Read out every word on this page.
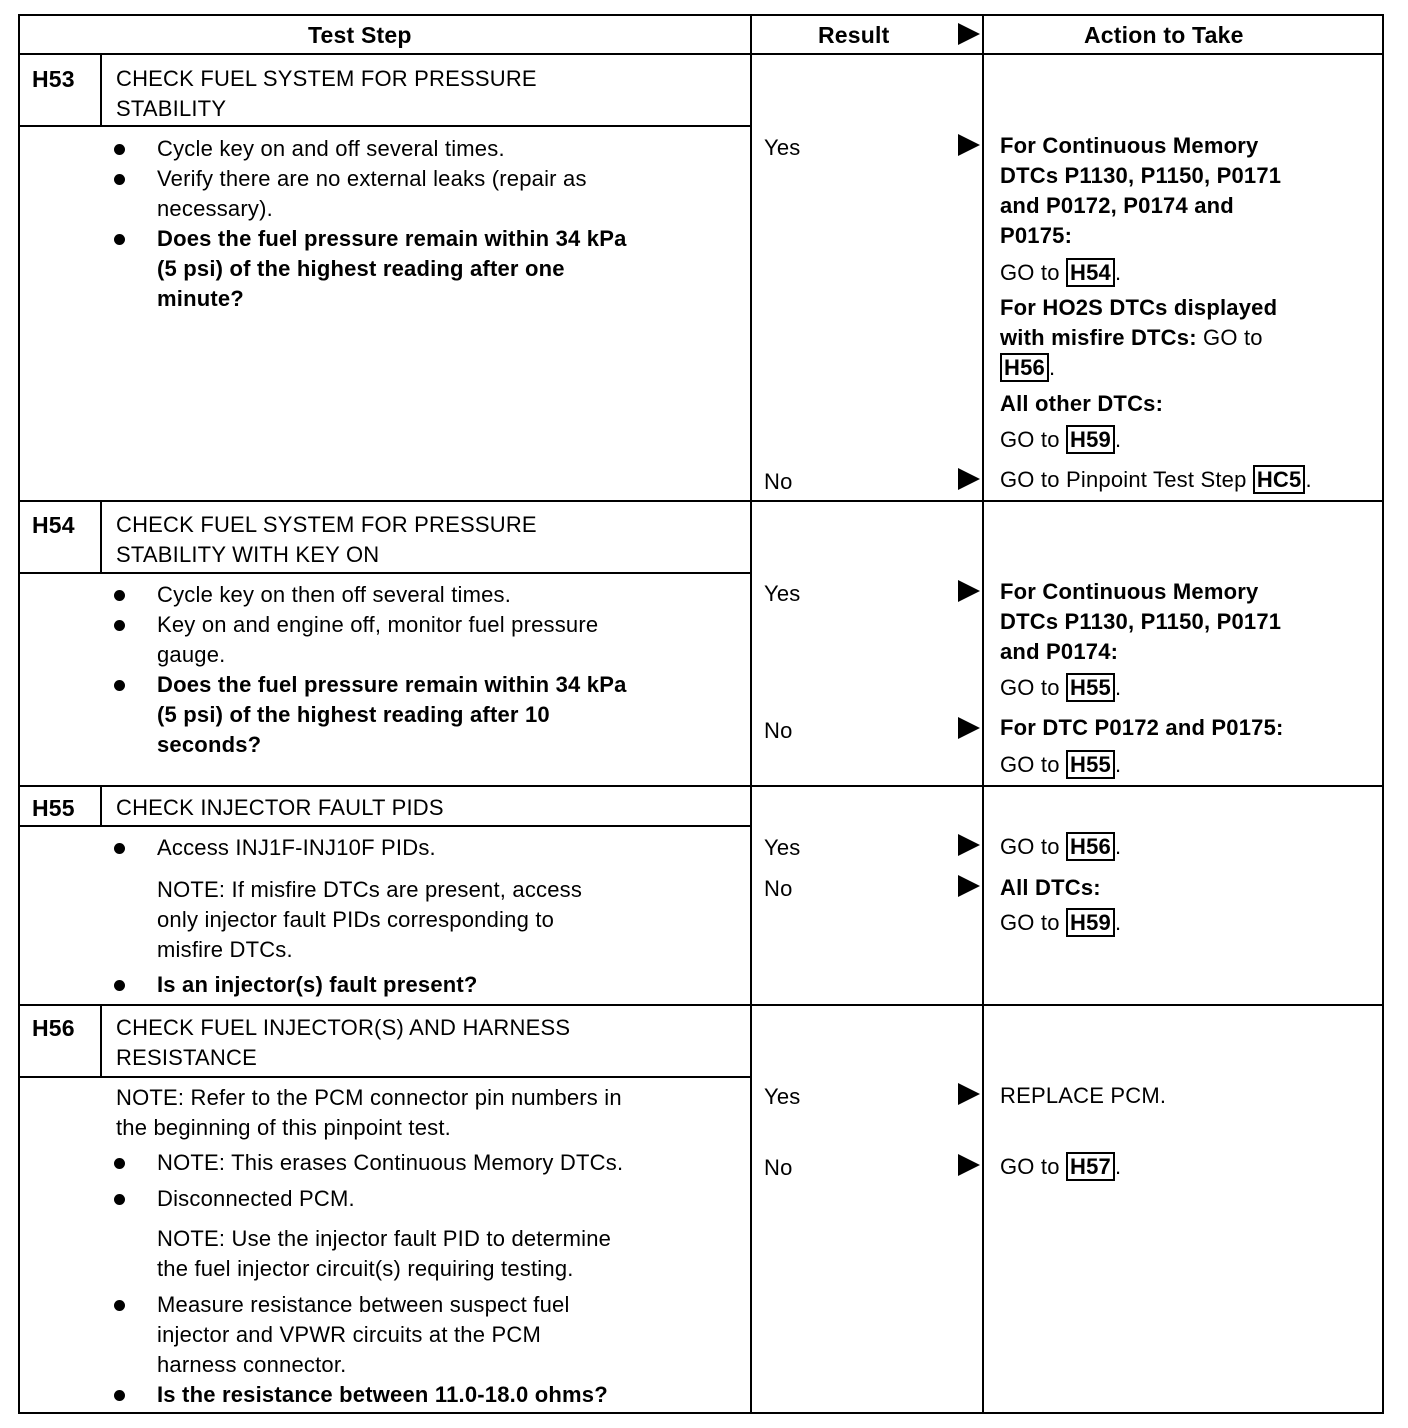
Test Step	Result	Action to Take
H53 CHECK FUEL SYSTEM FOR PRESSURE
STABILITY
Cycle key on and off several times.
Verify there are no external leaks (repair as
necessary).
Does the fuel pressure remain within 34 kPa
(5 psi) of the highest reading after one
minute?
Yes
No
For Continuous Memory
DTCs P1130, P1150, P0171
and P0172, P0174 and
P0175:
GO to H54 .
For HO2S DTCs displayed
with misfire DTCs: GO to
H56 .
All other DTCs:
GO to H59 .
GO to Pinpoint Test Step HC5 .
H54 CHECK FUEL SYSTEM FOR PRESSURE
STABILITY WITH KEY ON
Cycle key on then off several times.
Key on and engine off, monitor fuel pressure
gauge.
Does the fuel pressure remain within 34 kPa
(5 psi) of the highest reading after 10
seconds?
Yes
No
For Continuous Memory
DTCs P1130, P1150, P0171
and P0174:
GO to H55 .
For DTC P0172 and P0175:
GO to H55 .
H55 CHECK INJECTOR FAULT PIDS
Access INJ1F-INJ10F PIDs.
NOTE: If misfire DTCs are present, access
only injector fault PIDs corresponding to
misfire DTCs.
Is an injector(s) fault present?
Yes
No
GO to H56 .
All DTCs:
GO to H59 .
H56 CHECK FUEL INJECTOR(S) AND HARNESS
RESISTANCE
NOTE: Refer to the PCM connector pin numbers in
the beginning of this pinpoint test.
NOTE: This erases Continuous Memory DTCs.
Disconnected PCM.
NOTE: Use the injector fault PID to determine
the fuel injector circuit(s) requiring testing.
Measure resistance between suspect fuel
injector and VPWR circuits at the PCM
harness connector.
Is the resistance between 11.0-18.0 ohms?
Yes
No
REPLACE PCM.
GO to H57 .
